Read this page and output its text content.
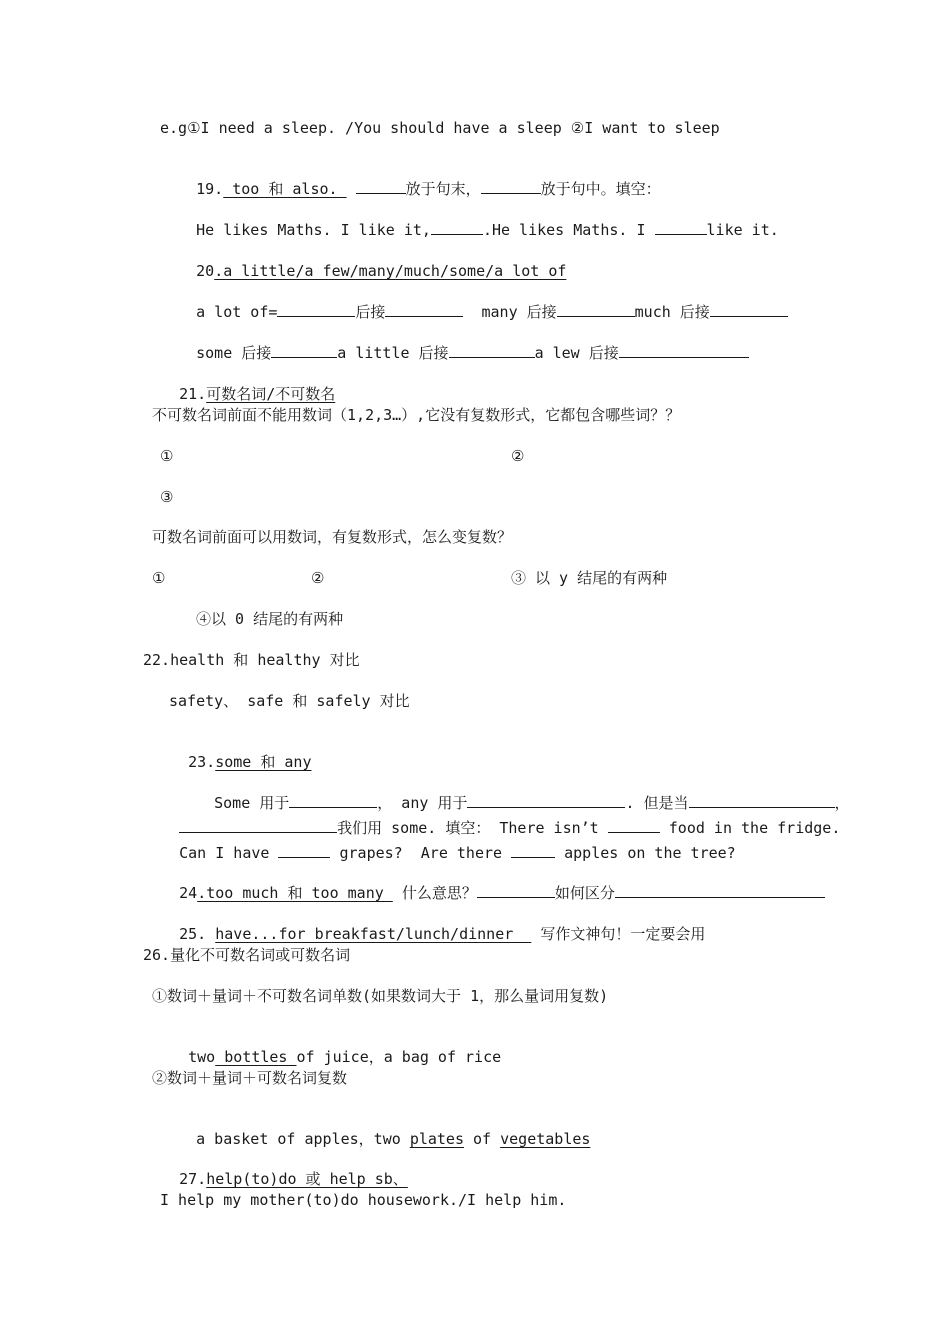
e.g①I need a sleep. /You should have a sleep ②I want to sleep

19. too 和 also.	放于句末，	放于句中。填空：

He likes Maths. I like it,	.He likes Maths. I	like it.

20.a little/a few/many/much/some/a lot of

a lot of=	后接	many 后接	much 后接

some 后接	a little 后接	a lew 后接

21.可数名词/不可数名

不可数名词前面不能用数词（1,2,3…）,它没有复数形式，它都包含哪些词？？
①	②
③
可数名词前面可以用数词，有复数形式，怎么变复数？
①	②	③ 以 y 结尾的有两种
④以 0 结尾的有两种
22.health 和 healthy 对比
safety、 safe 和 safely 对比

23.some 和 any

Some 用于	， any 用于	. 但是当	，

我们用 some. 填空： There isn’t	food in the fridge.

Can I have	grapes?  Are there	apples on the tree?

24.too much 和 too many  什么意思？	如何区分

25. have...for breakfast/lunch/dinner   写作文神句！一定要会用

26.量化不可数名词或可数名词
①数词＋量词＋不可数名词单数(如果数词大于 1，那么量词用复数)

two bottles of juice，a bag of rice

②数词＋量词＋可数名词复数

a basket of apples，two plates of vegetables

27.help(to)do 或 help sb、

I help my mother(to)do housework./I help him.
